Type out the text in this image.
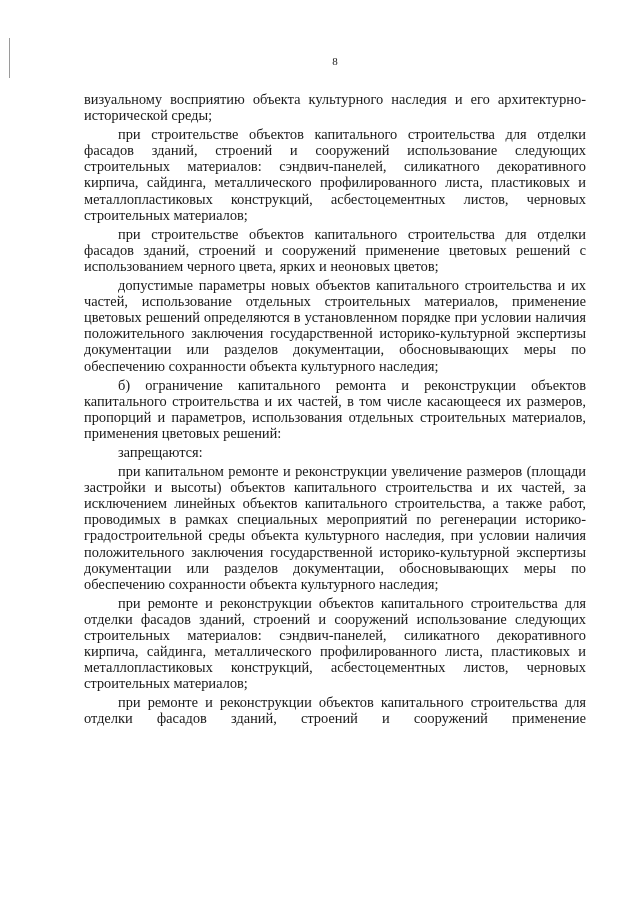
8

визуальному восприятию объекта культурного наследия и его архитектурно-исторической среды;

при строительстве объектов капитального строительства для отделки фасадов зданий, строений и сооружений использование следующих строительных материалов: сэндвич-панелей, силикатного декоративного кирпича, сайдинга, металлического профилированного листа, пластиковых и металлопластиковых конструкций, асбестоцементных листов, черновых строительных материалов;

при строительстве объектов капитального строительства для отделки фасадов зданий, строений и сооружений применение цветовых решений с использованием черного цвета, ярких и неоновых цветов;

допустимые параметры новых объектов капитального строительства и их частей, использование отдельных строительных материалов, применение цветовых решений определяются в установленном порядке при условии наличия положительного заключения государственной историко-культурной экспертизы документации или разделов документации, обосновывающих меры по обеспечению сохранности объекта культурного наследия;

б) ограничение капитального ремонта и реконструкции объектов капитального строительства и их частей, в том числе касающееся их размеров, пропорций и параметров, использования отдельных строительных материалов, применения цветовых решений:

запрещаются:

при капитальном ремонте и реконструкции увеличение размеров (площади застройки и высоты) объектов капитального строительства и их частей, за исключением линейных объектов капитального строительства, а также работ, проводимых в рамках специальных мероприятий по регенерации историко-градостроительной среды объекта культурного наследия, при условии наличия положительного заключения государственной историко-культурной экспертизы документации или разделов документации, обосновывающих меры по обеспечению сохранности объекта культурного наследия;

при ремонте и реконструкции объектов капитального строительства для отделки фасадов зданий, строений и сооружений использование следующих строительных материалов: сэндвич-панелей, силикатного декоративного кирпича, сайдинга, металлического профилированного листа, пластиковых и металлопластиковых конструкций, асбестоцементных листов, черновых строительных материалов;

при ремонте и реконструкции объектов капитального строительства для отделки фасадов зданий, строений и сооружений применение
